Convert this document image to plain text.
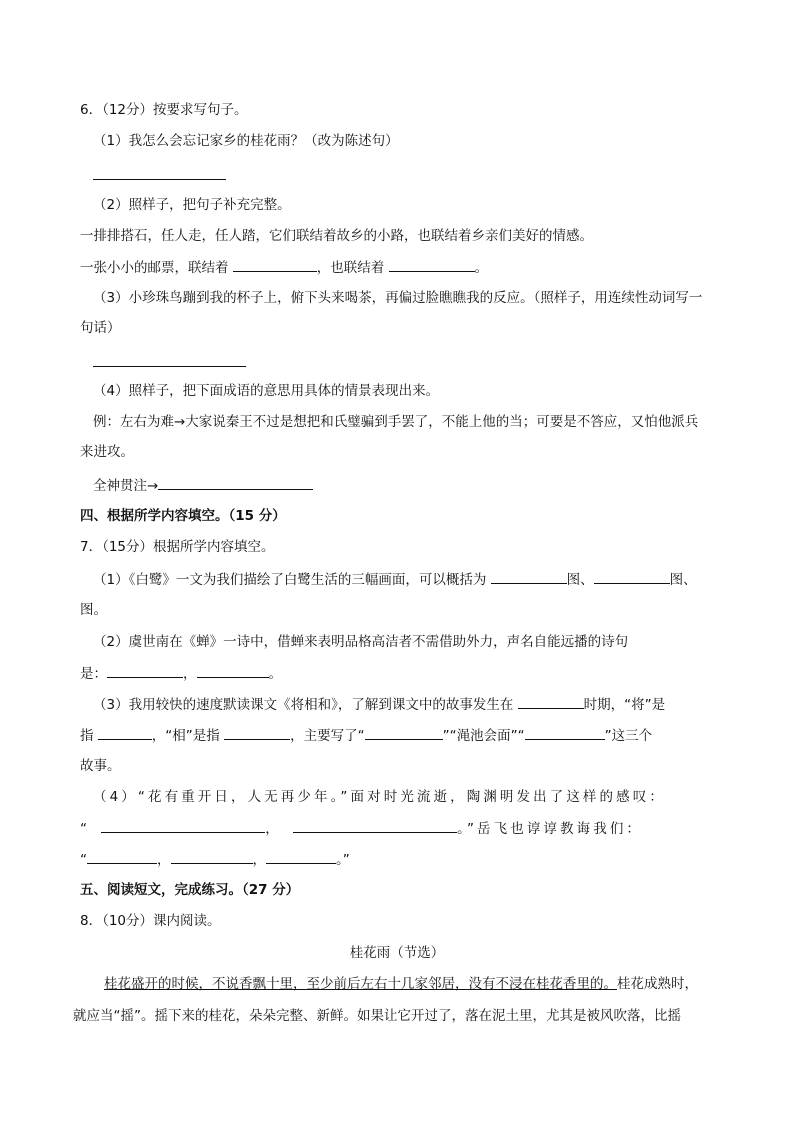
6．（12分）按要求写句子。
（1）我怎么会忘记家乡的桂花雨？（改为陈述句）
（2）照样子，把句子补充完整。
一排排搭石，任人走，任人踏，它们联结着故乡的小路，也联结着乡亲们美好的情感。
一张小小的邮票，联结着	，也联结着	。
（3）小珍珠鸟蹦到我的杯子上，俯下头来喝茶，再偏过脸瞧瞧我的反应。（照样子，用连续性动词写一
句话）
（4）照样子，把下面成语的意思用具体的情景表现出来。
例：左右为难→大家说秦王不过是想把和氏璧骗到手罢了，不能上他的当；可要是不答应，又怕他派兵
来进攻。
全神贯注→
四、根据所学内容填空。（15 分）
7．（15分）根据所学内容填空。
（1）《白鹭》一文为我们描绘了白鹭生活的三幅画面，可以概括为	图、	图、
图。
（2）虞世南在《蝉》一诗中，借蝉来表明品格高洁者不需借助外力，声名自能远播的诗句
是：	，	。
（3）我用较快的速度默读课文《将相和》，了解到课文中的故事发生在	时期，“将”是
指	，“相”是指	，主要写了“	”“渑池会面”“	”这三个
故事。
（4）“花有重开日，人无再少年。”面对时光流逝，陶渊明发出了这样的感叹：
“	，	。”岳飞也谆谆教诲我们：
“	，	，	。”
五、阅读短文，完成练习。（27 分）
8．（10分）课内阅读。
桂花雨（节选）
桂花盛开的时候，不说香飘十里，至少前后左右十几家邻居，没有不浸在桂花香里的。桂花成熟时，
就应当“摇”。摇下来的桂花，朵朵完整、新鲜。如果让它开过了，落在泥土里，尤其是被风吹落，比摇
